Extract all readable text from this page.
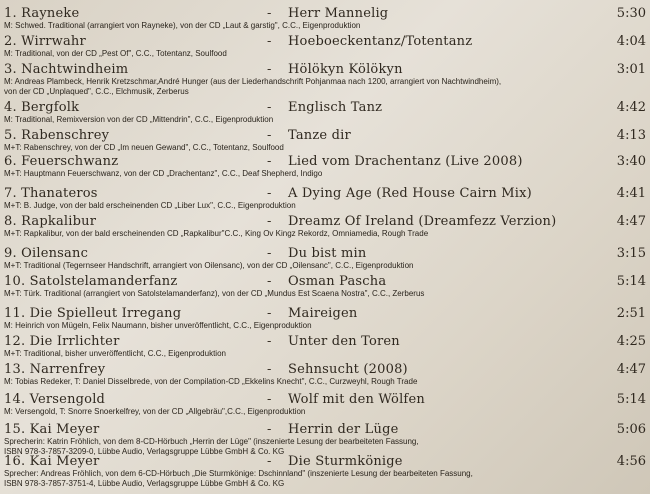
1. Rayneke	- Herr Mannelig	5:30
M: Schwed. Traditional (arrangiert von Rayneke), von der CD „Laut & garstig", C.C., Eigenproduktion
2. Wirrwahr	- Hoeboeckentanz/Totentanz	4:04
M: Traditional, von der CD „Pest Of", C.C., Totentanz, Soulfood
3. Nachtwindheim	- Hölökyn Kölökyn	3:01
M: Andreas Plambeck, Henrik Kretzschmar,André Hunger (aus der Liederhandschrift Pohjanmaa nach 1200, arrangiert von Nachtwindheim),
von der CD „Unplaqued", C.C., Elchmusik, Zerberus
4. Bergfolk	- Englisch Tanz	4:42
M: Traditional, Remixversion von der CD „Mittendrin", C.C., Eigenproduktion
5. Rabenschrey	- Tanze dir	4:13
M+T: Rabenschrey, von der CD „Im neuen Gewand", C.C., Totentanz, Soulfood
6. Feuerschwanz	- Lied vom Drachentanz (Live 2008)	3:40
M+T: Hauptmann Feuerschwanz, von der CD „Drachentanz", C.C., Deaf Shepherd, Indigo
7. Thanateros	- A Dying Age (Red House Cairn Mix)	4:41
M+T: B. Judge, von der bald erscheinenden CD „Liber Lux", C.C., Eigenproduktion
8. Rapkalibur	- Dreamz Of Ireland (Dreamfezz Verzion)	4:47
M+T: Rapkalibur, von der bald erscheinenden CD „Rapkalibur"C.C., King Ov Kingz Rekordz, Omniamedia, Rough Trade
9. Oilensanc	- Du bist min	3:15
M+T: Traditional (Tegernseer Handschrift, arrangiert von Oilensanc), von der CD „Oilensanc", C.C., Eigenproduktion
10. Satolstelamanderfanz	- Osman Pascha	5:14
M+T: Türk. Traditional (arrangiert von Satolstelamanderfanz), von der CD „Mundus Est Scaena Nostra", C.C., Zerberus
11. Die Spielleut Irregang	- Maireigen	2:51
M: Heinrich von Mügeln, Felix Naumann, bisher unveröffentlicht, C.C., Eigenproduktion
12. Die Irrlichter	- Unter den Toren	4:25
M+T: Traditional, bisher unveröffentlicht, C.C., Eigenproduktion
13. Narrenfrey	- Sehnsucht (2008)	4:47
M: Tobias Redeker, T: Daniel Disselbrede, von der Compilation-CD „Ekkelins Knecht", C.C., Curzweyhl, Rough Trade
14. Versengold	- Wolf mit den Wölfen	5:14
M: Versengold, T: Snorre Snoerkelfrey, von der CD „Allgebräu",C.C., Eigenproduktion
15. Kai Meyer	- Herrin der Lüge	5:06
Sprecherin: Katrin Fröhlich, von dem 8-CD-Hörbuch „Herrin der Lüge" (inszenierte Lesung der bearbeiteten Fassung,
ISBN 978-3-7857-3209-0, Lübbe Audio, Verlagsgruppe Lübbe GmbH & Co. KG
16. Kai Meyer	- Die Sturmkönige	4:56
Sprecher: Andreas Fröhlich, von dem 6-CD-Hörbuch „Die Sturmkönige: Dschinnland" (inszenierte Lesung der bearbeiteten Fassung,
ISBN 978-3-7857-3751-4, Lübbe Audio, Verlagsgruppe Lübbe GmbH & Co. KG
